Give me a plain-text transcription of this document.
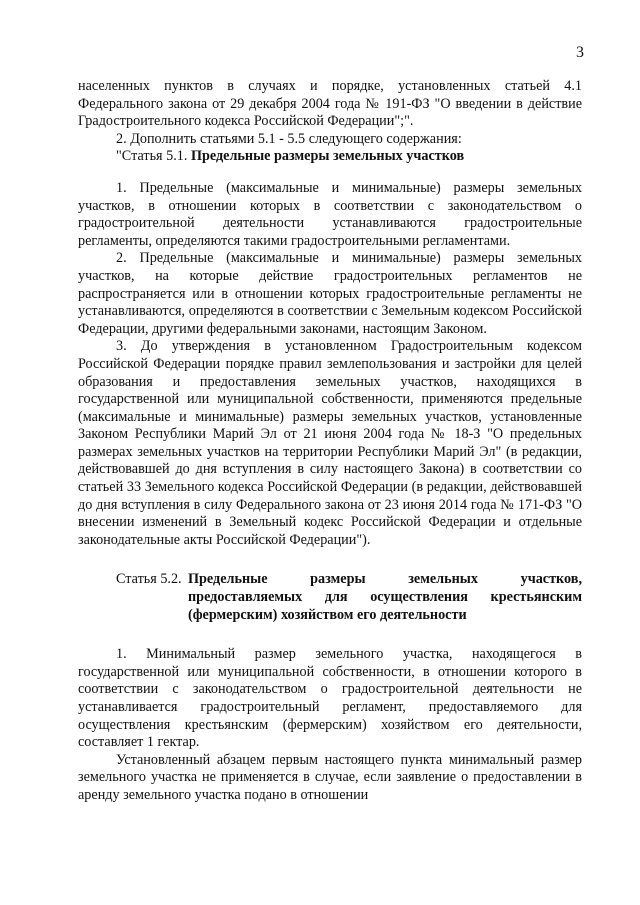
3

населенных пунктов в случаях и порядке, установленных статьей 4.1 Федерального закона от 29 декабря 2004 года № 191-ФЗ "О введении в действие Градостроительного кодекса Российской Федерации";".

2. Дополнить статьями 5.1 - 5.5 следующего содержания:

"Статья 5.1. Предельные размеры земельных участков

1. Предельные (максимальные и минимальные) размеры земельных участков, в отношении которых в соответствии с законодательством о градостроительной деятельности устанавливаются градостроительные регламенты, определяются такими градостроительными регламентами.

2. Предельные (максимальные и минимальные) размеры земельных участков, на которые действие градостроительных регламентов не распространяется или в отношении которых градостроительные регламенты не устанавливаются, определяются в соответствии с Земельным кодексом Российской Федерации, другими федеральными законами, настоящим Законом.

3. До утверждения в установленном Градостроительным кодексом Российской Федерации порядке правил землепользования и застройки для целей образования и предоставления земельных участков, находящихся в государственной или муниципальной собственности, применяются предельные (максимальные и минимальные) размеры земельных участков, установленные Законом Республики Марий Эл от 21 июня 2004 года № 18-З "О предельных размерах земельных участков на территории Республики Марий Эл" (в редакции, действовавшей до дня вступления в силу настоящего Закона) в соответствии со статьей 33 Земельного кодекса Российской Федерации (в редакции, действовавшей до дня вступления в силу Федерального закона от 23 июня 2014 года № 171-ФЗ "О внесении изменений в Земельный кодекс Российской Федерации и отдельные законодательные акты Российской Федерации").

Статья 5.2. Предельные размеры земельных участков, предоставляемых для осуществления крестьянским (фермерским) хозяйством его деятельности

1. Минимальный размер земельного участка, находящегося в государственной или муниципальной собственности, в отношении которого в соответствии с законодательством о градостроительной деятельности не устанавливается градостроительный регламент, предоставляемого для осуществления крестьянским (фермерским) хозяйством его деятельности, составляет 1 гектар.

Установленный абзацем первым настоящего пункта минимальный размер земельного участка не применяется в случае, если заявление о предоставлении в аренду земельного участка подано в отношении
